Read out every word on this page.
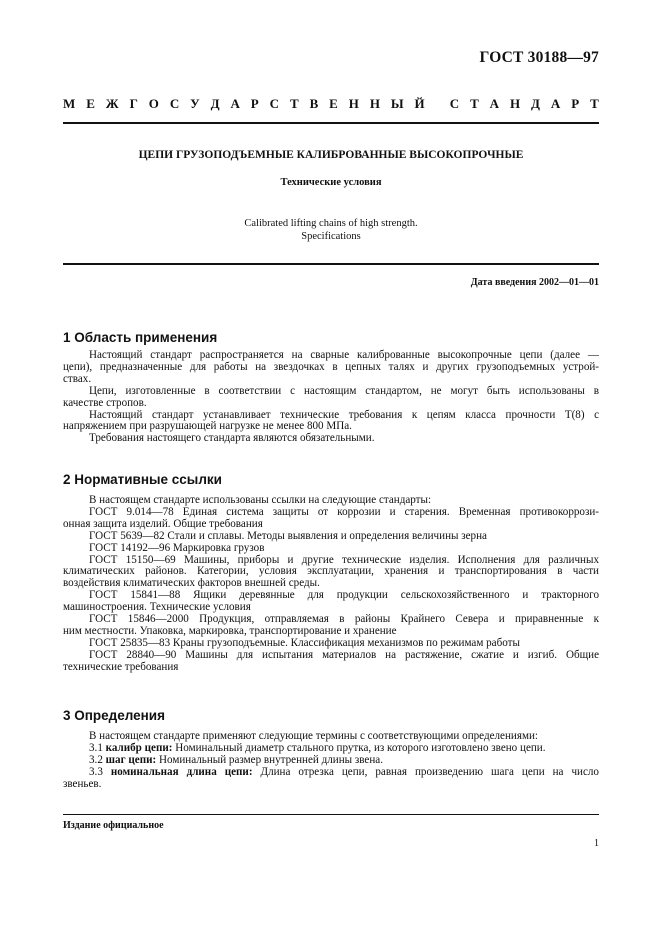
ГОСТ 30188—97
М Е Ж Г О С У Д А Р С Т В Е Н Н Ы Й
С Т А Н Д А Р Т
ЦЕПИ ГРУЗОПОДЪЕМНЫЕ КАЛИБРОВАННЫЕ ВЫСОКОПРОЧНЫЕ
Технические условия
Calibrated lifting chains of high strength.
Specifications
Дата введения 2002—01—01
1 Область применения
Настоящий стандарт распространяется на сварные калиброванные высокопрочные цепи (далее —
цепи), предназначенные для работы на звездочках в цепных талях и других грузоподъемных устрой-
ствах.
Цепи, изготовленные в соответствии с настоящим стандартом, не могут быть использованы в
качестве стропов.
Настоящий стандарт устанавливает технические требования к цепям класса прочности Т(8) с
напряжением при разрушающей нагрузке не менее 800 МПа.
Требования настоящего стандарта являются обязательными.
2 Нормативные ссылки
В настоящем стандарте использованы ссылки на следующие стандарты:
ГОСТ 9.014—78 Единая система защиты от коррозии и старения. Временная противокоррози-
онная защита изделий. Общие требования
ГОСТ 5639—82 Стали и сплавы. Методы выявления и определения величины зерна
ГОСТ 14192—96 Маркировка грузов
ГОСТ 15150—69 Машины, приборы и другие технические изделия. Исполнения для различных
климатических районов. Категории, условия эксплуатации, хранения и транспортирования в части
воздействия климатических факторов внешней среды.
ГОСТ 15841—88 Ящики деревянные для продукции сельскохозяйственного и тракторного
машиностроения. Технические условия
ГОСТ 15846—2000 Продукция, отправляемая в районы Крайнего Севера и приравненные к
ним местности. Упаковка, маркировка, транспортирование и хранение
ГОСТ 25835—83 Краны грузоподъемные. Классификация механизмов по режимам работы
ГОСТ 28840—90 Машины для испытания материалов на растяжение, сжатие и изгиб. Общие
технические требования
3 Определения
В настоящем стандарте применяют следующие термины с соответствующими определениями:
3.1 калибр цепи: Номинальный диаметр стального прутка, из которого изготовлено звено цепи.
3.2 шаг цепи: Номинальный размер внутренней длины звена.
3.3 номинальная длина цепи: Длина отрезка цепи, равная произведению шага цепи на число
звеньев.
Издание официальное
1
